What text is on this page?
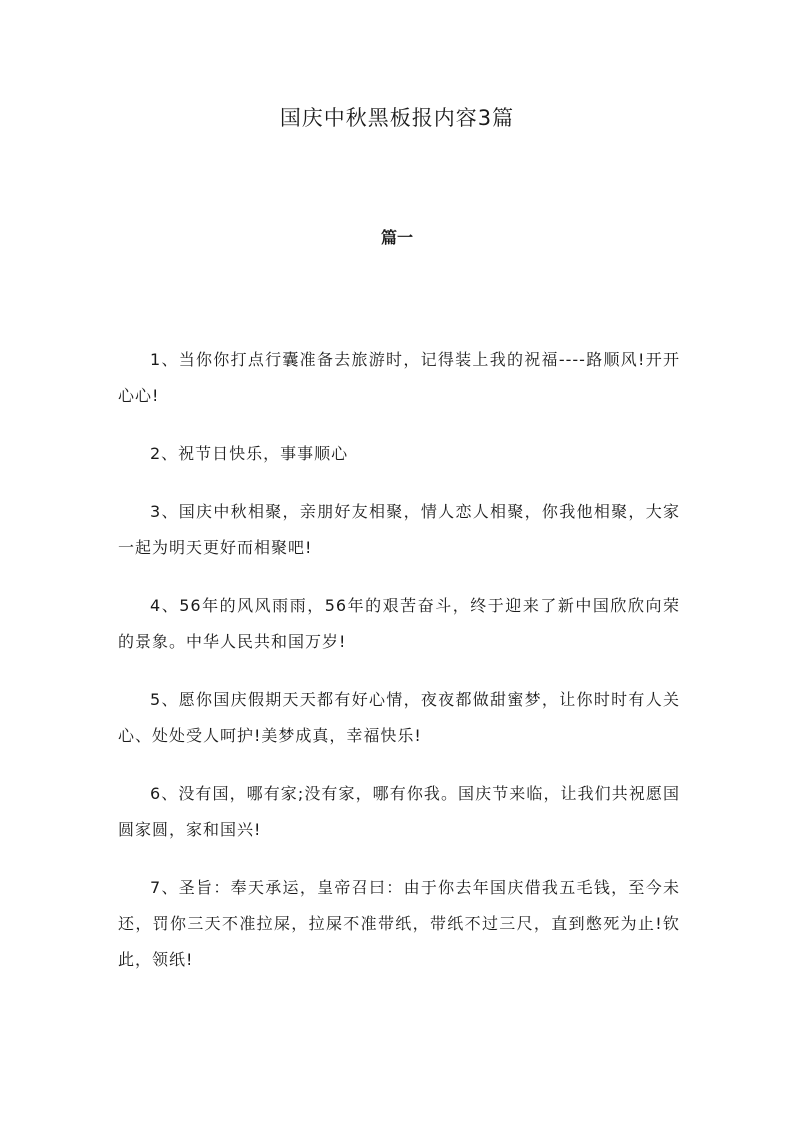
国庆中秋黑板报内容3篇
篇一
1、当你你打点行囊准备去旅游时，记得装上我的祝福----路顺风!开开心心!
2、祝节日快乐，事事顺心
3、国庆中秋相聚，亲朋好友相聚，情人恋人相聚，你我他相聚，大家一起为明天更好而相聚吧!
4、56年的风风雨雨，56年的艰苦奋斗，终于迎来了新中国欣欣向荣的景象。中华人民共和国万岁!
5、愿你国庆假期天天都有好心情，夜夜都做甜蜜梦，让你时时有人关心、处处受人呵护!美梦成真，幸福快乐!
6、没有国，哪有家;没有家，哪有你我。国庆节来临，让我们共祝愿国圆家圆，家和国兴!
7、圣旨：奉天承运，皇帝召曰：由于你去年国庆借我五毛钱，至今未还，罚你三天不准拉屎，拉屎不准带纸，带纸不过三尺，直到憋死为止!钦此，领纸!
